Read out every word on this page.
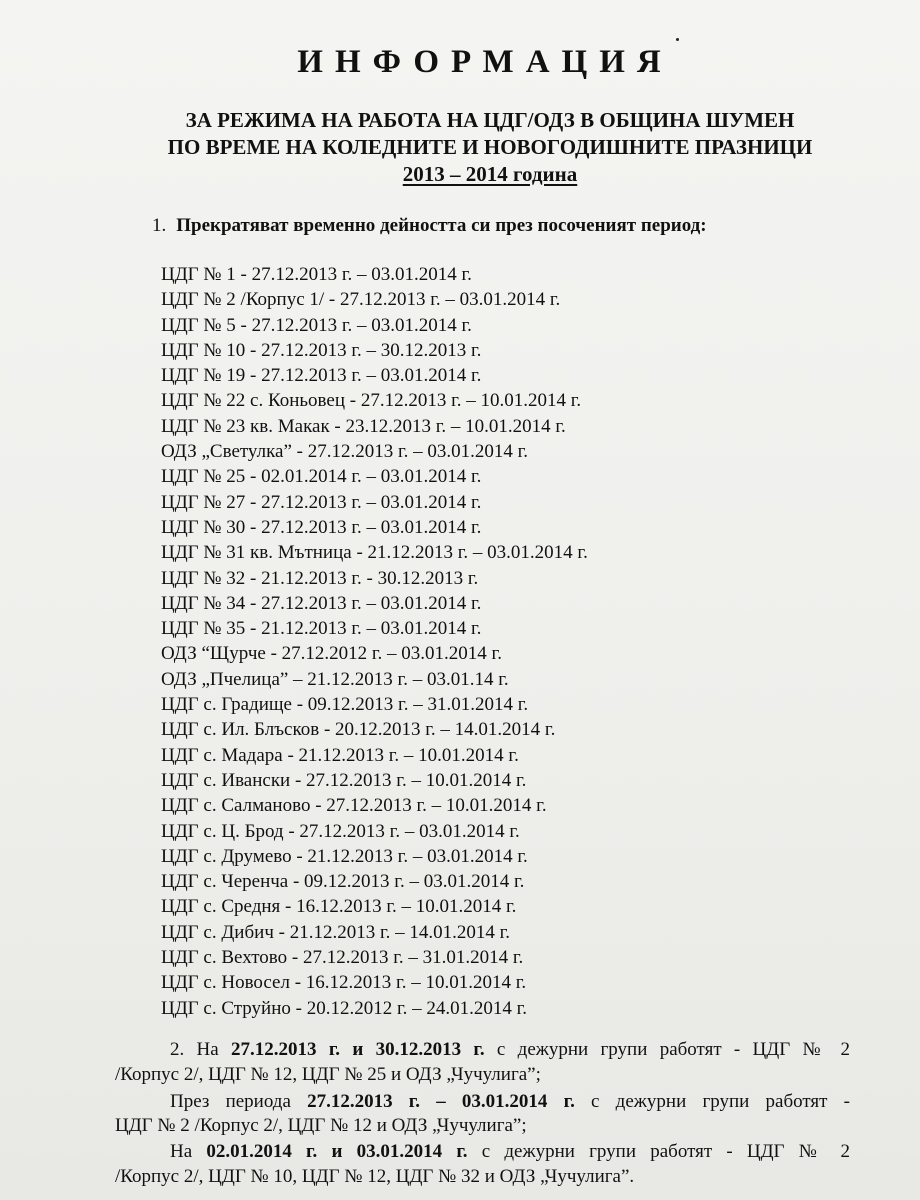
ИНФОРМАЦИЯ
ЗА РЕЖИМА НА РАБОТА НА ЦДГ/ОДЗ В ОБЩИНА ШУМЕН
ПО ВРЕМЕ НА КОЛЕДНИТЕ И НОВОГОДИШНИТЕ ПРАЗНИЦИ
2013 – 2014 година
1. Прекратяват временно дейността си през посоченият период:
ЦДГ № 1 - 27.12.2013 г. – 03.01.2014 г.
ЦДГ № 2 /Корпус 1/ - 27.12.2013 г. – 03.01.2014 г.
ЦДГ № 5 - 27.12.2013 г. – 03.01.2014 г.
ЦДГ № 10 - 27.12.2013 г. – 30.12.2013 г.
ЦДГ № 19 - 27.12.2013 г. – 03.01.2014 г.
ЦДГ № 22 с. Коньовец - 27.12.2013 г. – 10.01.2014 г.
ЦДГ № 23 кв. Макак - 23.12.2013 г. – 10.01.2014 г.
ОДЗ „Светулка” - 27.12.2013 г. – 03.01.2014 г.
ЦДГ № 25 - 02.01.2014 г. – 03.01.2014 г.
ЦДГ № 27 - 27.12.2013 г. – 03.01.2014 г.
ЦДГ № 30 - 27.12.2013 г. – 03.01.2014 г.
ЦДГ № 31 кв. Мътница - 21.12.2013 г. – 03.01.2014 г.
ЦДГ № 32 - 21.12.2013 г. - 30.12.2013 г.
ЦДГ № 34 - 27.12.2013 г. – 03.01.2014 г.
ЦДГ № 35 - 21.12.2013 г. – 03.01.2014 г.
ОДЗ “Щурче - 27.12.2012 г. – 03.01.2014 г.
ОДЗ „Пчелица” – 21.12.2013 г. – 03.01.14 г.
ЦДГ с. Градище - 09.12.2013 г. – 31.01.2014 г.
ЦДГ с. Ил. Блъсков - 20.12.2013 г. – 14.01.2014 г.
ЦДГ с. Мадара - 21.12.2013 г. – 10.01.2014 г.
ЦДГ с. Ивански - 27.12.2013 г. – 10.01.2014 г.
ЦДГ с. Салманово - 27.12.2013 г. – 10.01.2014 г.
ЦДГ с. Ц. Брод - 27.12.2013 г. – 03.01.2014 г.
ЦДГ с. Друмево - 21.12.2013 г. – 03.01.2014 г.
ЦДГ с. Черенча - 09.12.2013 г. – 03.01.2014 г.
ЦДГ с. Средня - 16.12.2013 г. – 10.01.2014 г.
ЦДГ с. Дибич - 21.12.2013 г. – 14.01.2014 г.
ЦДГ с. Вехтово - 27.12.2013 г. – 31.01.2014 г.
ЦДГ с. Новосел - 16.12.2013 г. – 10.01.2014 г.
ЦДГ с. Струйно - 20.12.2012 г. – 24.01.2014 г.
2. На 27.12.2013 г. и 30.12.2013 г. с дежурни групи работят - ЦДГ № 2
/Корпус 2/, ЦДГ № 12, ЦДГ № 25 и ОДЗ „Чучулига”;
През периода 27.12.2013 г. – 03.01.2014 г. с дежурни групи работят -
ЦДГ № 2 /Корпус 2/, ЦДГ № 12 и ОДЗ „Чучулига”;
На 02.01.2014 г. и 03.01.2014 г. с дежурни групи работят - ЦДГ № 2
/Корпус 2/, ЦДГ № 10, ЦДГ № 12, ЦДГ № 32 и ОДЗ „Чучулига”.
